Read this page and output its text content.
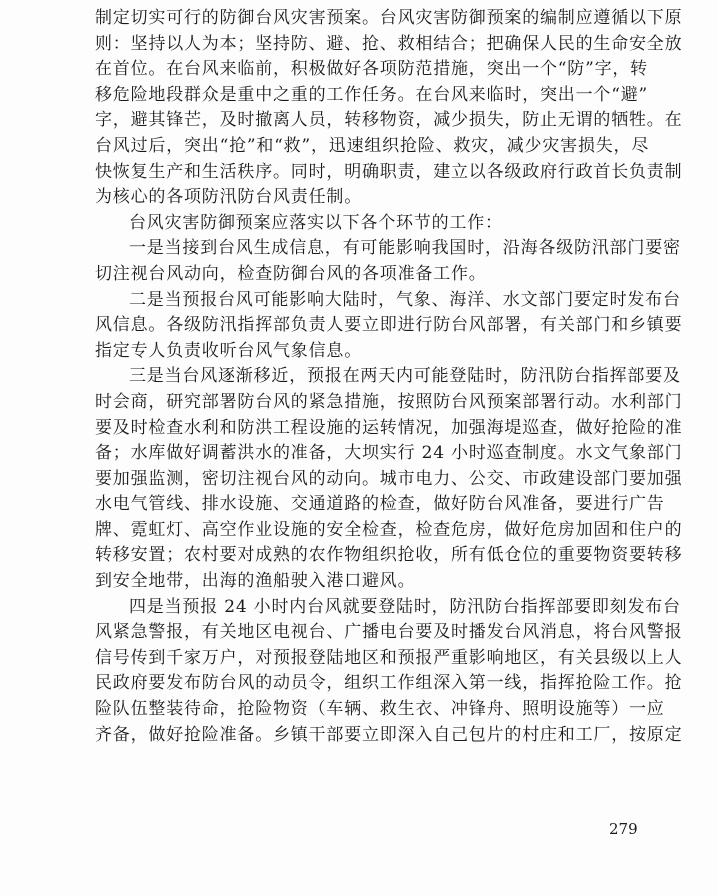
制定切实可行的防御台风灾害预案。台风灾害防御预案的编制应遵循以下原
则：坚持以人为本；坚持防、避、抢、救相结合；把确保人民的生命安全放
在首位。在台风来临前，积极做好各项防范措施，突出一个“防”字，转
移危险地段群众是重中之重的工作任务。在台风来临时，突出一个“避”
字，避其锋芒，及时撤离人员，转移物资，减少损失，防止无谓的牺牲。在
台风过后，突出“抢”和“救”，迅速组织抢险、救灾，减少灾害损失，尽
快恢复生产和生活秩序。同时，明确职责，建立以各级政府行政首长负责制
为核心的各项防汛防台风责任制。
台风灾害防御预案应落实以下各个环节的工作：
一是当接到台风生成信息，有可能影响我国时，沿海各级防汛部门要密
切注视台风动向，检查防御台风的各项准备工作。
二是当预报台风可能影响大陆时，气象、海洋、水文部门要定时发布台
风信息。各级防汛指挥部负责人要立即进行防台风部署，有关部门和乡镇要
指定专人负责收听台风气象信息。
三是当台风逐渐移近，预报在两天内可能登陆时，防汛防台指挥部要及
时会商，研究部署防台风的紧急措施，按照防台风预案部署行动。水利部门
要及时检查水利和防洪工程设施的运转情况，加强海堤巡查，做好抢险的准
备；水库做好调蓄洪水的准备，大坝实行 24 小时巡查制度。水文气象部门
要加强监测，密切注视台风的动向。城市电力、公交、市政建设部门要加强
水电气管线、排水设施、交通道路的检查，做好防台风准备，要进行广告
牌、霓虹灯、高空作业设施的安全检查，检查危房，做好危房加固和住户的
转移安置；农村要对成熟的农作物组织抢收，所有低仓位的重要物资要转移
到安全地带，出海的渔船驶入港口避风。
四是当预报 24 小时内台风就要登陆时，防汛防台指挥部要即刻发布台
风紧急警报，有关地区电视台、广播电台要及时播发台风消息，将台风警报
信号传到千家万户，对预报登陆地区和预报严重影响地区，有关县级以上人
民政府要发布防台风的动员令，组织工作组深入第一线，指挥抢险工作。抢
险队伍整装待命，抢险物资（车辆、救生衣、冲锋舟、照明设施等）一应
齐备，做好抢险准备。乡镇干部要立即深入自己包片的村庄和工厂，按原定
279
